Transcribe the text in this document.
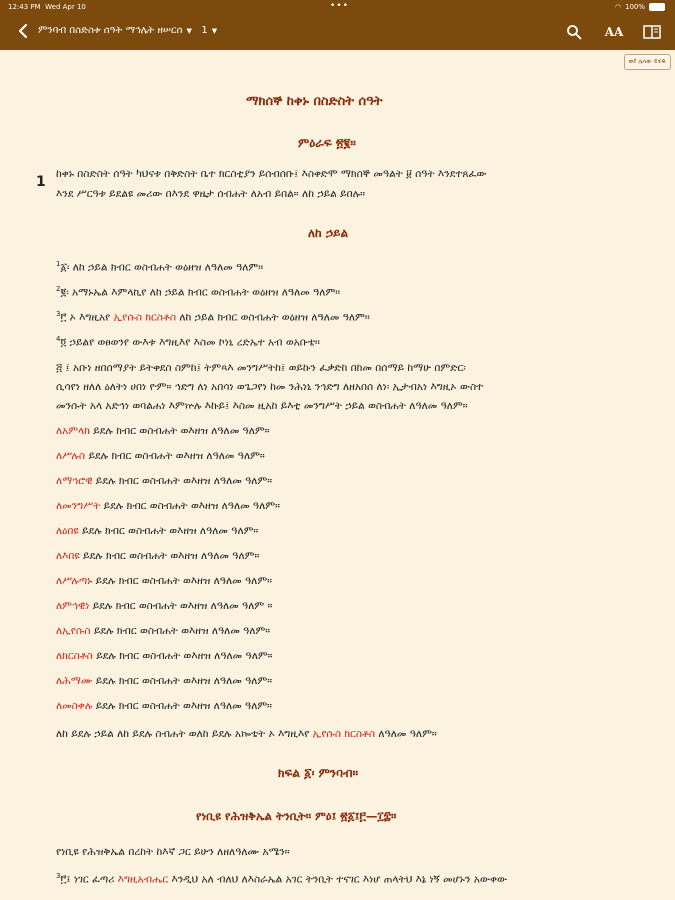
12:43 PM Wed Apr 10	•••	◠ 100%
ምንባብ በስድስቱ ሰዓት ማኅሌት ዘሠርሰ ▼ 1 ▼	AA
ወደ ሌላው ይሂዱ
ማክሰኞ ከቀኑ በስድስት ሰዓት
ምዕራፍ ፳፪።
1 ከቀኑ በስድስት ሰዓት ካህናቱ በቅድስት ቤተ ክርስቲያን ይሰብሰቡ፤ እስቀድሞ ማክሰኞ መዓልት ፱ ሰዓት እንደተጸፈው
እንደ ሥርዓቱ ይደልዩ መሪው በእንደ ዋዜታ ሰብሐት ለአብ ይበል። ለከ ኃይል ይበሉ።
ለከ ኃይል
$^1$፩፡ ለከ ኃይል ክብር ወስብሐት ወዕዘዝ ለዓለመ ዓለም።
$^2$፪፡ አማኑኤል እምላኪየ ለከ ኃይል ክብር ወስብሐት ወዕዘዝ ለዓለመ ዓለም።
$^3$፫ ኦ እግዚአየ ኢየሱስ ክርስቶስ ለከ ኃይል ክብር ወስብሐት ወዕዘዝ ለዓለመ ዓለም።
$^4$፬ ኃይልየ ወፀወንየ ውእቱ እግዚእየ እስመ ኮነኒ ረድኤተ አብ ወአቡቴ።
፭ ፤ አቡነ ዘበሰማያት ይትቀደስ ስምከ፤ ትምጻእ መንግሥትከ፤ ወይኩን ፈቃድከ በከመ በሰማይ ከማሁ በምድር፡
ሲሳየነ ዘለለ ዕለትነ ሀበነ ዮም። ኅድግ ለነ አበሳነ ወጌጋየነ ከመ ንሕነኒ ንኅድግ ለዘአበሰ ለነ፡ ኢታብአነ እግዚኦ ውስተ
መንሱት አላ አድኅነ ወባልሐነ እምኵሉ እኩይ፤ እስመ ዚአከ ይእቲ መንግሥት ኃይል ወስብሐት ለዓለመ ዓለም።
ለአምላክ ይደሉ ክብር ወስብሐት ወእዘዝ ለዓለመ ዓለም።
ለሥሉስ ይደሉ ክብር ወስብሐት ወእዘዝ ለዓለመ ዓለም።
ለማኅሮዊ ይደሉ ክብር ወስብሐት ወእዘዝ ለዓለመ ዓለም።
ለመንግሥት ይደሉ ክብር ወስብሐት ወእዘዝ ለዓለመ ዓለም።
ለዕበዩ ይደሉ ክብር ወስብሐት ወእዘዝ ለዓለመ ዓለም።
ለእበዩ ይደሉ ክብር ወስብሐት ወእዘዝ ለዓለመ ዓለም።
ለሥሉጣኑ ይደሉ ክብር ወስብሐት ወእዘዝ ለዓለመ ዓለም።
ለምኅዊነ ይደሉ ክብር ወስብሐት ወእዘዝ ለዓለመ ዓለም ።
ለኢየሱስ ይደሉ ክብር ወስብሐት ወእዘዝ ለዓለመ ዓለም።
ለክርስቶስ ይደሉ ክብር ወስብሐት ወእዘዝ ለዓለመ ዓለም።
ለሕማሙ ይደሉ ክብር ወስብሐት ወእዘዝ ለዓለመ ዓለም።
ለመስቀሉ ይደሉ ክብር ወስብሐት ወእዘዝ ለዓለመ ዓለም።
ለከ ይደሉ ኃይል ለከ ይደሉ ስብሐት ወለከ ይደሉ አኰቴት ኦ እግዚእየ ኢየሱስ ክርስቶስ ለዓለመ ዓለም።
ክፍል ፩፡ ምንባብ።
የነቢዩ የሕዝቅኤል ትንቢት። ምዕ፤ ፳፩፤፫—፲፰።
የነቢዩ የሕዝቅኤል በረከት ከእኛ ጋር ይሁን ለዘለዓለሙ አሜን።
$^3$፫፤ ነገር ፈጣሪ እግዚአብሔር እንዲህ አለ ብለህ ለእስራኤል አገር ትንቢት ተናገር እነሆ ጠላትህ እኔ ነኝ መሆኑን አውቀው
